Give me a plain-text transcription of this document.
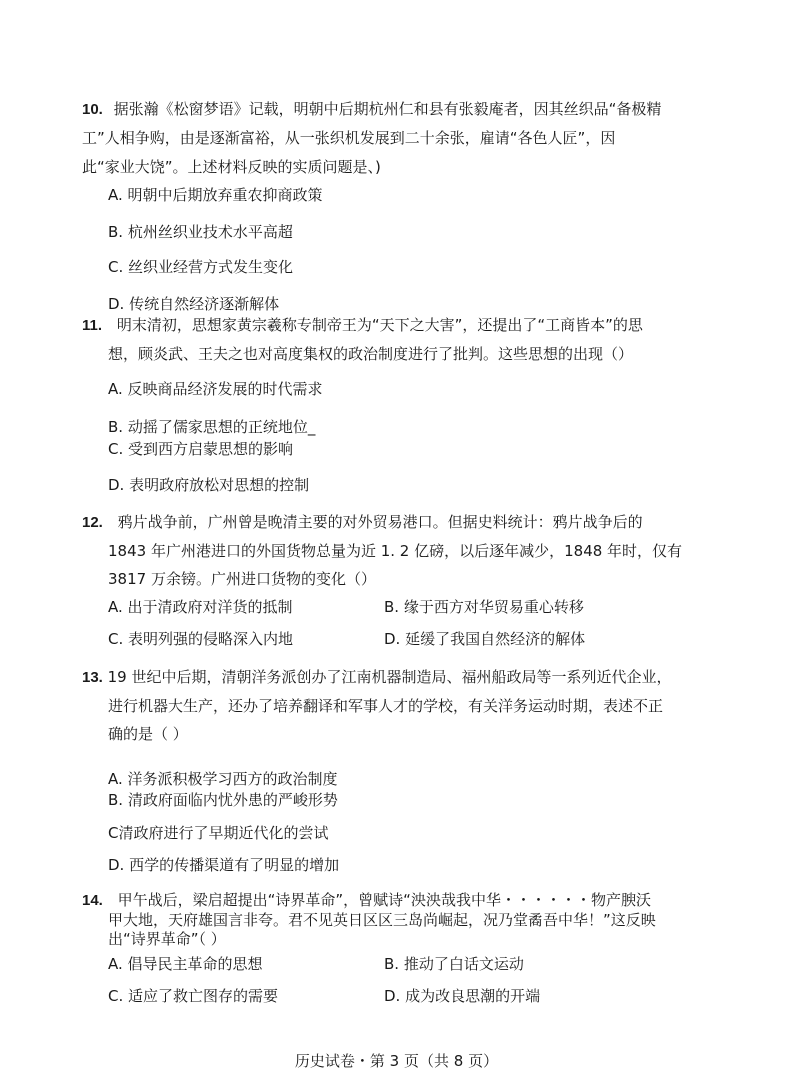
10. 据张瀚《松窗梦语》记载，明朝中后期杭州仁和县有张毅庵者，因其丝织品“备极精
工”人相争购，由是逐渐富裕，从一张织机发展到二十余张，雇请“各色人匠”，因
此“家业大饶”。上述材料反映的实质问题是、)
A. 明朝中后期放弃重农抑商政策
B. 杭州丝织业技术水平高超
C. 丝织业经营方式发生变化
D. 传统自然经济逐渐解体
11. 明末清初，思想家黄宗羲称专制帝王为“天下之大害”，还提出了“工商皆本”的思
想，顾炎武、王夫之也对高度集权的政治制度进行了批判。这些思想的出现（）
A. 反映商品经济发展的时代需求
B. 动摇了儒家思想的正统地位_
C. 受到西方启蒙思想的影响
D. 表明政府放松对思想的控制
12. 鸦片战争前，广州曾是晚清主要的对外贸易港口。但据史料统计：鸦片战争后的
1843 年广州港进口的外国货物总量为近 1. 2 亿磅，以后逐年减少，1848 年时，仅有
3817 万余镑。广州进口货物的变化（）
A. 出于清政府对洋货的抵制	B. 缘于西方对华贸易重心转移
C. 表明列强的侵略深入内地	D. 延缓了我国自然经济的解体
13. 19 世纪中后期，清朝洋务派创办了江南机器制造局、福州船政局等一系列近代企业，
进行机器大生产，还办了培养翻译和军事人才的学校，有关洋务运动时期，表述不正
确的是（ ）
A. 洋务派积极学习西方的政治制度
B. 清政府面临内忧外患的严峻形势
C清政府进行了早期近代化的尝试
D. 西学的传播渠道有了明显的增加
14. 甲午战后，梁启超提出“诗界革命”，曾赋诗“泱泱哉我中华・・・・・・物产腴沃
甲大地，天府雄国言非夸。君不见英日区区三岛尚崛起，况乃堂矞吾中华！”这反映
出“诗界革命”（ ）
A. 倡导民主革命的思想	B. 推动了白话文运动
C. 适应了救亡图存的需要	D. 成为改良思潮的开端
历史试卷・第 3 页（共 8 页）
